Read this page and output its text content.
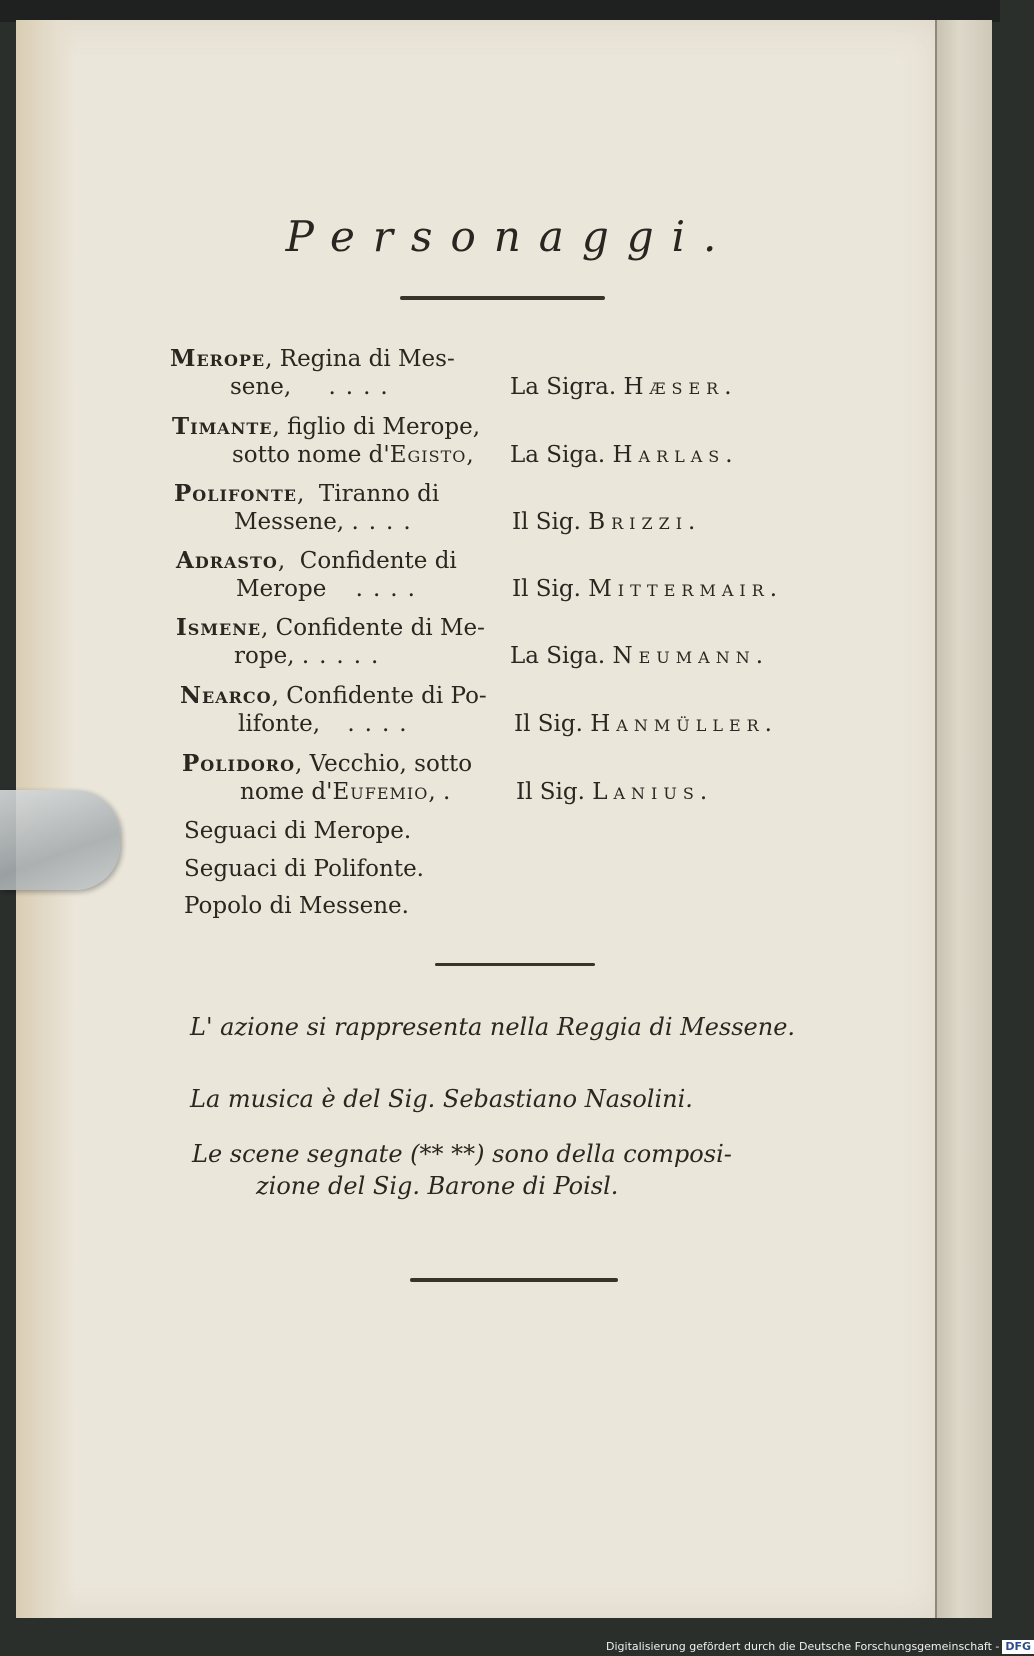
Personaggi.
Merope, Regina di Mes-
sene, ....	La Sigra. Hæser.
Timante, figlio di Merope,
sotto nome d'Egisto, La Siga. Harlas.
Polifonte,  Tiranno di
Messene, ....	Il Sig. Brizzi.
Adrasto,  Confidente di
Merope ....	Il Sig. Mittermair.
Ismene, Confidente di Me-
rope, .....	La Siga. Neumann.
Nearco, Confidente di Po-
lifonte, ....	Il Sig. Hanmüller.
Polidoro, Vecchio, sotto
nome d'Eufemio, .	Il Sig. Lanius.
Seguaci di Merope.
Seguaci di Polifonte.
Popolo di Messene.
L' azione si rappresenta nella Reggia di Messene.
La musica è del Sig. Sebastiano Nasolini.
Le scene segnate (** **) sono della composi-
zione del Sig. Barone di Poisl.
Digitalisierung gefördert durch die Deutsche Forschungsgemeinschaft - DFG
